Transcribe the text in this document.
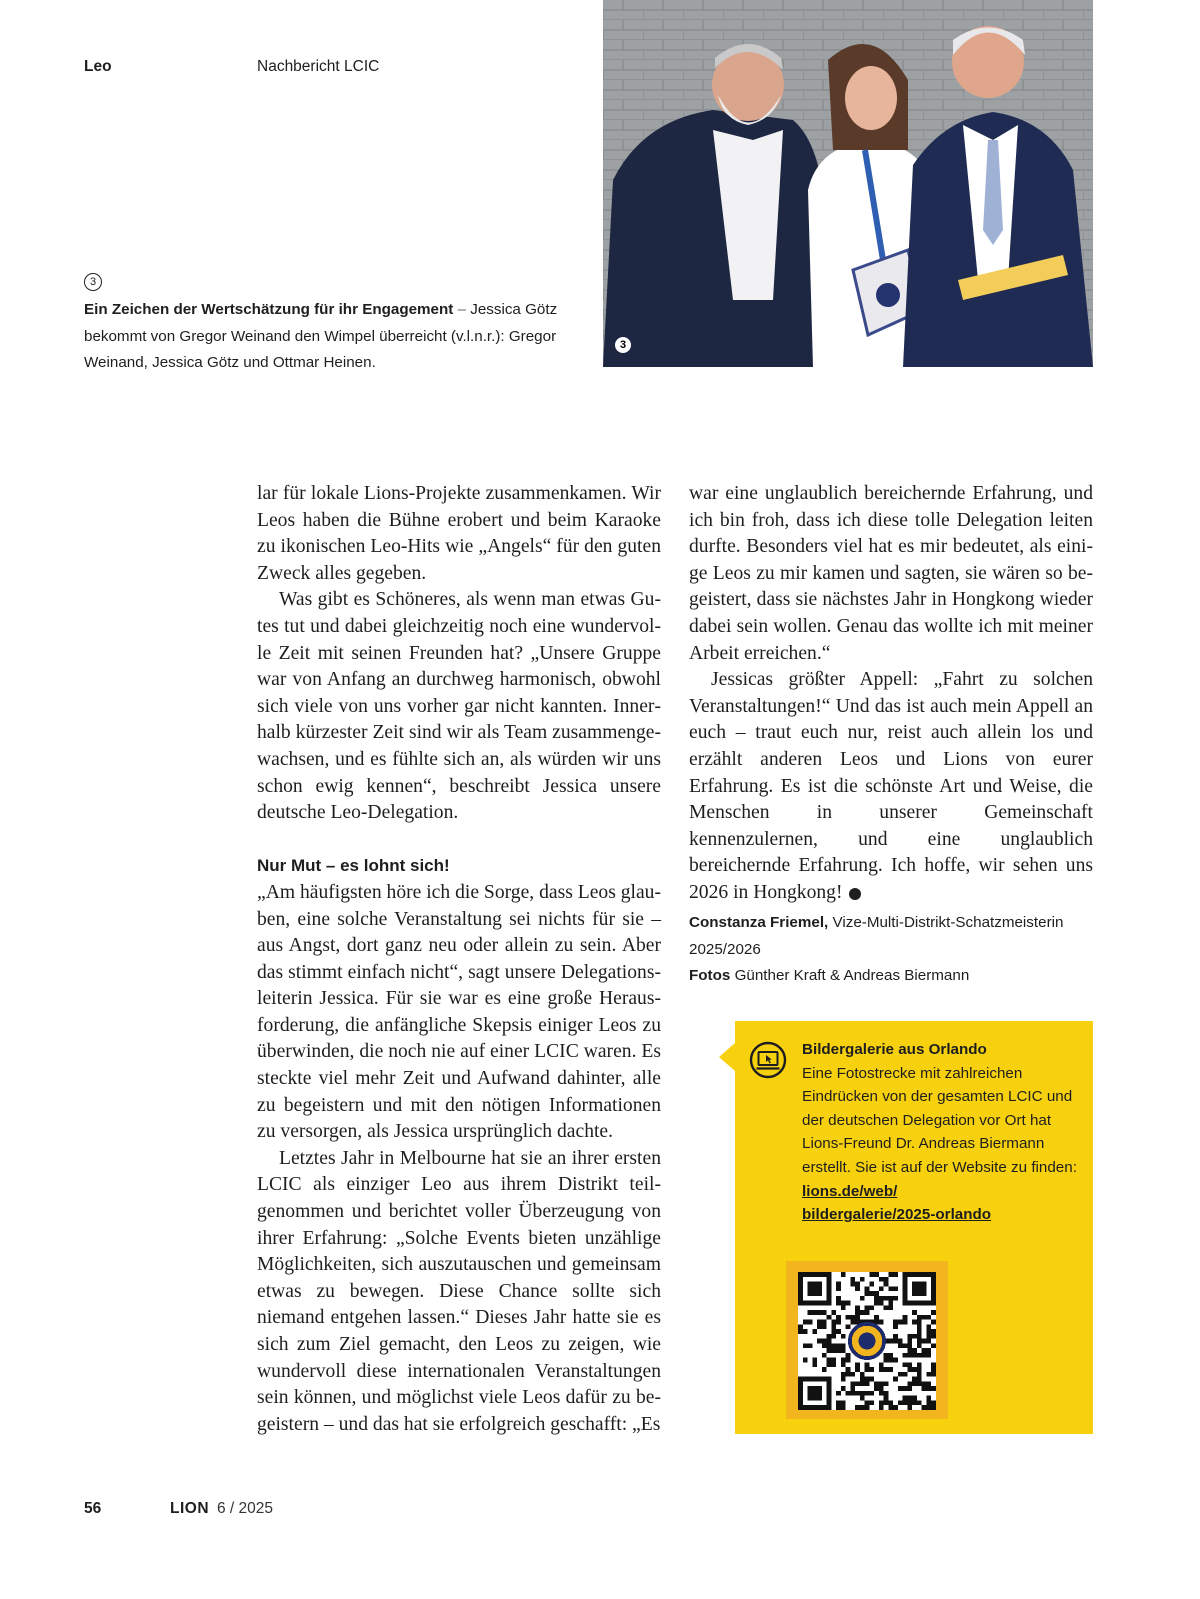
Leo	Nachbericht LCIC
3
3
Ein Zeichen der Wertschätzung für ihr Engagement – Jessica Götz bekommt von Gregor Weinand den Wimpel überreicht (v.l.n.r.): Gregor Weinand, Jessica Götz und Ottmar Heinen.

lar für lokale Lions-Projekte zusammenkamen. Wir Leos haben die Bühne erobert und beim Karaoke zu ikonischen Leo-Hits wie „Angels“ für den guten Zweck alles gegeben.

Was gibt es Schöneres, als wenn man etwas Gutes tut und dabei gleichzeitig noch eine wundervolle Zeit mit seinen Freunden hat? „Unsere Gruppe war von Anfang an durchweg harmonisch, obwohl sich viele von uns vorher gar nicht kannten. Innerhalb kürzester Zeit sind wir als Team zusammengewachsen, und es fühlte sich an, als würden wir uns schon ewig kennen“, beschreibt Jessica unsere deutsche Leo-Delegation.

Nur Mut – es lohnt sich!

„Am häufigsten höre ich die Sorge, dass Leos glauben, eine solche Veranstaltung sei nichts für sie – aus Angst, dort ganz neu oder allein zu sein. Aber das stimmt einfach nicht“, sagt unsere Delegationsleiterin Jessica. Für sie war es eine große Herausforderung, die anfängliche Skepsis einiger Leos zu überwinden, die noch nie auf einer LCIC waren. Es steckte viel mehr Zeit und Aufwand dahinter, alle zu begeistern und mit den nötigen Informationen zu versorgen, als Jessica ursprünglich dachte.

Letztes Jahr in Melbourne hat sie an ihrer ersten LCIC als einziger Leo aus ihrem Distrikt teilgenommen und berichtet voller Überzeugung von ihrer Erfahrung: „Solche Events bieten unzählige Möglichkeiten, sich auszutauschen und gemeinsam etwas zu bewegen. Diese Chance sollte sich niemand entgehen lassen.“ Dieses Jahr hatte sie es sich zum Ziel gemacht, den Leos zu zeigen, wie wundervoll diese internationalen Veranstaltungen sein können, und möglichst viele Leos dafür zu begeistern – und das hat sie erfolgreich geschafft: „Es

war eine unglaublich bereichernde Erfahrung, und ich bin froh, dass ich diese tolle Delegation leiten durfte. Besonders viel hat es mir bedeutet, als einige Leos zu mir kamen und sagten, sie wären so begeistert, dass sie nächstes Jahr in Hongkong wieder dabei sein wollen. Genau das wollte ich mit meiner Arbeit erreichen.“

Jessicas größter Appell: „Fahrt zu solchen Veranstaltungen!“ Und das ist auch mein Appell an euch – traut euch nur, reist auch allein los und erzählt anderen Leos und Lions von eurer Erfahrung. Es ist die schönste Art und Weise, die Menschen in unserer Gemeinschaft kennenzulernen, und eine unglaublich bereichernde Erfahrung. Ich hoffe, wir sehen uns 2026 in Hongkong!	L

Constanza Friemel, Vize-Multi-Distrikt-Schatzmeisterin 2025/2026
Fotos Günther Kraft & Andreas Biermann
Bildergalerie aus Orlando
Eine Fotostrecke mit zahlreichen Eindrücken von der gesamten LCIC und der deutschen Delegation vor Ort hat Lions-Freund Dr. Andreas Biermann erstellt. Sie ist auf der Website zu finden:
lions.de/web/
bildergalerie/2025-orlando
56	LION 6 / 2025
